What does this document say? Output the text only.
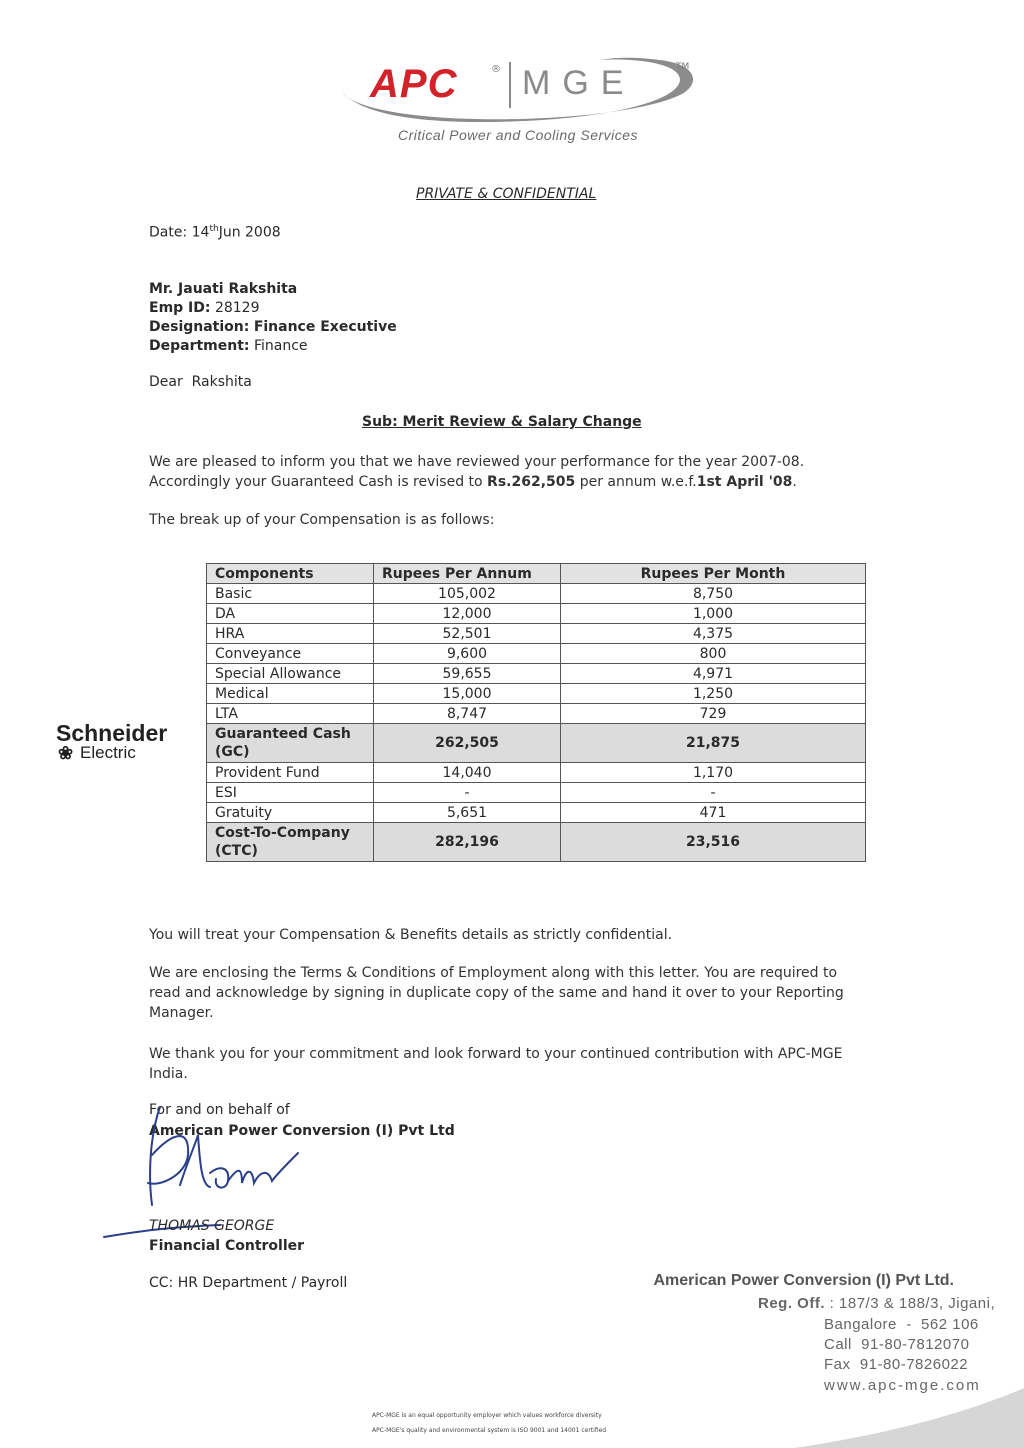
APC	® MGE	TM
Critical Power and Cooling Services
PRIVATE & CONFIDENTIAL
Date: 14thJun 2008
Mr. Jauati Rakshita
Emp ID: 28129
Designation: Finance Executive
Department: Finance
Dear  Rakshita
Sub: Merit Review & Salary Change
We are pleased to inform you that we have reviewed your performance for the year 2007-08.
Accordingly your Guaranteed Cash is revised to Rs.262,505 per annum w.e.f.1st April '08.
The break up of your Compensation is as follows:
Components	Rupees Per Annum	Rupees Per Month
Basic	105,002	8,750
DA	12,000	1,000
HRA	52,501	4,375
Conveyance	9,600	800
Special Allowance	59,655	4,971
Medical	15,000	1,250
LTA	8,747	729
Guaranteed Cash (GC)	262,505	21,875
Provident Fund	14,040	1,170
ESI	-	-
Gratuity	5,651	471
Cost-To-Company (CTC)	282,196	23,516
Schneider
❀ Electric
You will treat your Compensation & Benefits details as strictly confidential.
We are enclosing the Terms & Conditions of Employment along with this letter. You are required to read and acknowledge by signing in duplicate copy of the same and hand it over to your Reporting Manager.
We thank you for your commitment and look forward to your continued contribution with APC-MGE India.
For and on behalf of
American Power Conversion (I) Pvt Ltd
THOMAS GEORGE
Financial Controller
CC: HR Department / Payroll	American Power Conversion (I) Pvt Ltd.
Reg. Off. : 187/3 & 188/3, Jigani,
Bangalore  -  562 106
Call  91-80-7812070
Fax  91-80-7826022
www.apc-mge.com
APC-MGE is an equal opportunity employer which values workforce diversity
APC-MGE's quality and environmental system is ISO 9001 and 14001 certified
